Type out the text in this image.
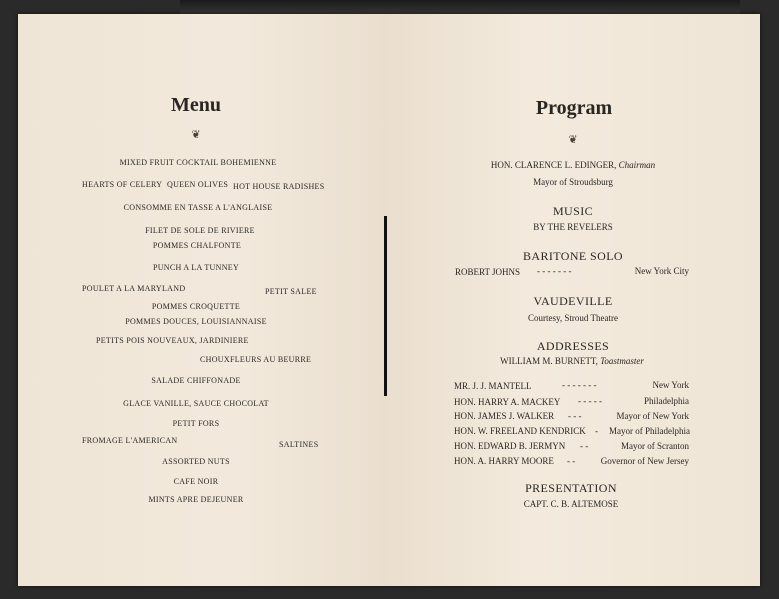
Menu
❦
MIXED FRUIT COCKTAIL BOHEMIENNE
HEARTS OF CELERY QUEEN OLIVES HOT HOUSE RADISHES
CONSOMME EN TASSE A L'ANGLAISE
FILET DE SOLE DE RIVIERE
POMMES CHALFONTE
PUNCH A LA TUNNEY
POULET A LA MARYLAND	PETIT SALEE
POMMES CROQUETTE
POMMES DOUCES, LOUISIANNAISE
PETITS POIS NOUVEAUX, JARDINIERE
CHOUXFLEURS AU BEURRE
SALADE CHIFFONADE
GLACE VANILLE, SAUCE CHOCOLAT
PETIT FORS
FROMAGE L'AMERICAN	SALTINES
ASSORTED NUTS
CAFE NOIR
MINTS APRE DEJEUNER
Program
❦
HON. CLARENCE L. EDINGER, Chairman
Mayor of Stroudsburg
MUSIC
BY THE REVELERS
BARITONE SOLO
ROBERT JOHNS - - - - - - -	New York City
VAUDEVILLE
Courtesy, Stroud Theatre
ADDRESSES
WILLIAM M. BURNETT, Toastmaster
MR. J. J. MANTELL	- - - - - - -	New York
HON. HARRY A. MACKEY - - - - -	Philadelphia
HON. JAMES J. WALKER - - -	Mayor of New York
HON. W. FREELAND KENDRICK - Mayor of Philadelphia
HON. EDWARD B. JERMYN - -	Mayor of Scranton
HON. A. HARRY MOORE - -	Governor of New Jersey
PRESENTATION
CAPT. C. B. ALTEMOSE
